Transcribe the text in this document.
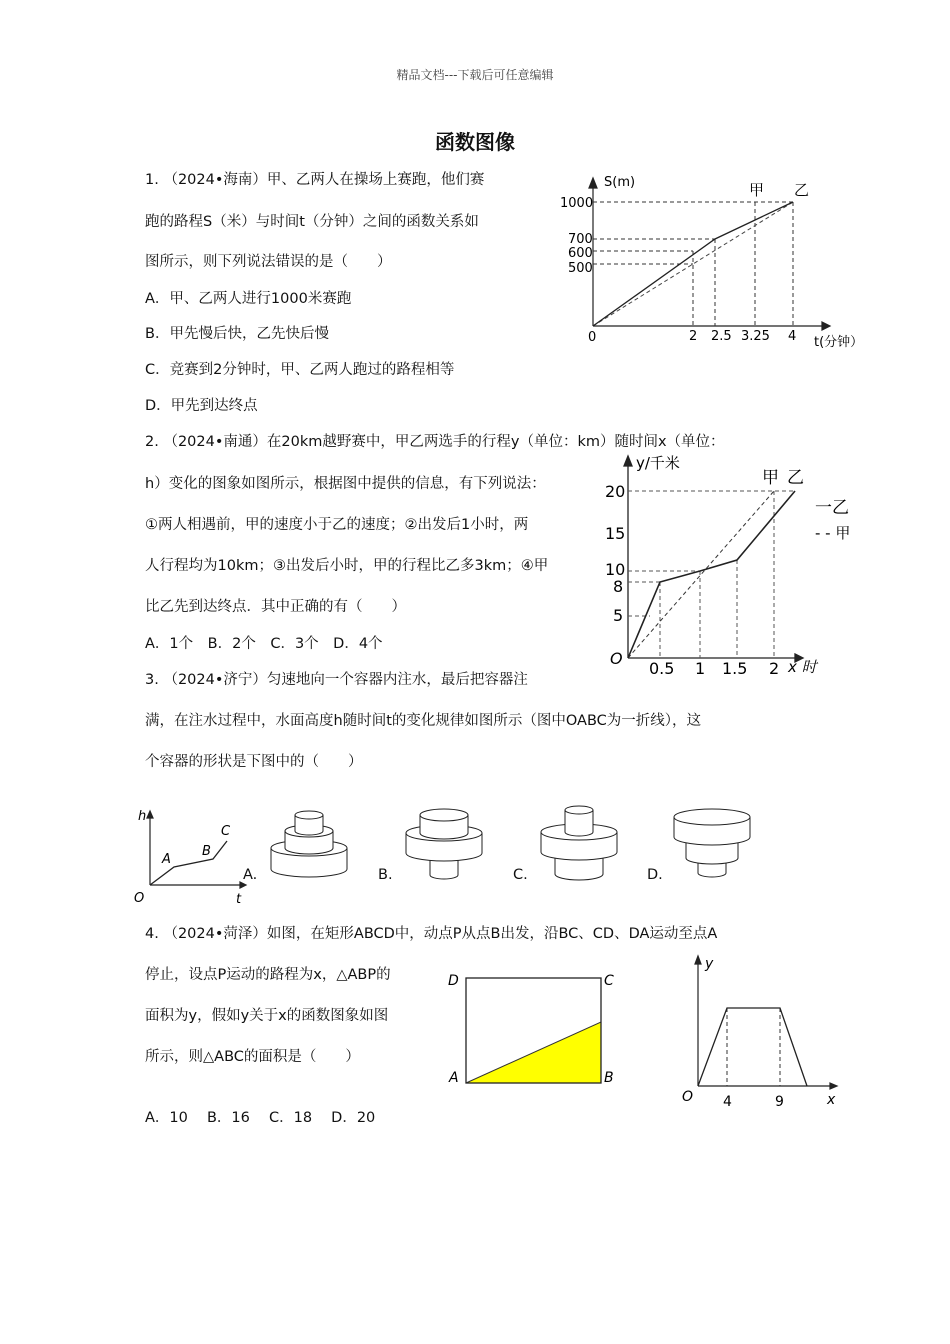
精品文档---下载后可任意编辑
函数图像
1. （2024•海南）甲、乙两人在操场上赛跑，他们赛
跑的路程S（米）与时间t（分钟）之间的函数关系如
图所示，则下列说法错误的是（　　）
A．甲、乙两人进行1000米赛跑
B．甲先慢后快，乙先快后慢
C．竞赛到2分钟时，甲、乙两人跑过的路程相等
D．甲先到达终点
S(m)
t(分钟）
0
1000
700
600
500
2 2.5 3.25 4
甲 乙
2. （2024•南通）在20km越野赛中，甲乙两选手的行程y（单位：km）随时间x（单位：
h）变化的图象如图所示，根据图中提供的信息，有下列说法：
①两人相遇前，甲的速度小于乙的速度；②出发后1小时，两
人行程均为10km；③出发后小时，甲的行程比乙多3km；④甲
比乙先到达终点．其中正确的有（　　）
A．1个　B．2个　C．3个　D．4个
y/千米
x 时
O
20
15
10
8
5
0.5 1 1.5 2
甲 乙
一乙
- - 甲
3. （2024•济宁）匀速地向一个容器内注水，最后把容器注
满，在注水过程中，水面高度h随时间t的变化规律如图所示（图中OABC为一折线），这
个容器的形状是下图中的（　　）
h
t
O
A
B
C
A.	B.	C.	D.
4. （2024•菏泽）如图，在矩形ABCD中，动点P从点B出发，沿BC、CD、DA运动至点A
停止，设点P运动的路程为x，△ABP的
面积为y，假如y关于x的函数图象如图
所示，则△ABC的面积是（　　）
A．10　 B．16　 C．18　 D．20
D	C
A	B
y
x
O 4	9
